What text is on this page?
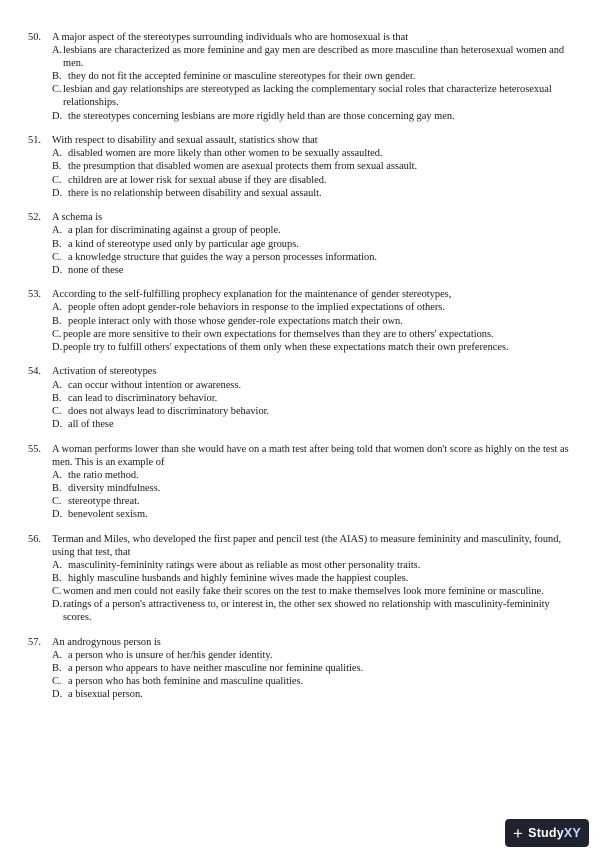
50.	A major aspect of the stereotypes surrounding individuals who are homosexual is that
A. lesbians are characterized as more feminine and gay men are described as more masculine than heterosexual women and men.
B. they do not fit the accepted feminine or masculine stereotypes for their own gender.
C. lesbian and gay relationships are stereotyped as lacking the complementary social roles that characterize heterosexual relationships.
D. the stereotypes concerning lesbians are more rigidly held than are those concerning gay men.
51.	With respect to disability and sexual assault, statistics show that
A. disabled women are more likely than other women to be sexually assaulted.
B. the presumption that disabled women are asexual protects them from sexual assault.
C. children are at lower risk for sexual abuse if they are disabled.
D. there is no relationship between disability and sexual assault.
52.	A schema is
A. a plan for discriminating against a group of people.
B. a kind of stereotype used only by particular age groups.
C. a knowledge structure that guides the way a person processes information.
D. none of these
53.	According to the self-fulfilling prophecy explanation for the maintenance of gender stereotypes,
A. people often adopt gender-role behaviors in response to the implied expectations of others.
B. people interact only with those whose gender-role expectations match their own.
C. people are more sensitive to their own expectations for themselves than they are to others' expectations.
D. people try to fulfill others' expectations of them only when these expectations match their own preferences.
54.	Activation of stereotypes
A. can occur without intention or awareness.
B. can lead to discriminatory behavior.
C. does not always lead to discriminatory behavior.
D. all of these
55.	A woman performs lower than she would have on a math test after being told that women don't score as highly on the test as men. This is an example of
A. the ratio method.
B. diversity mindfulness.
C. stereotype threat.
D. benevolent sexism.
56.	Terman and Miles, who developed the first paper and pencil test (the AIAS) to measure femininity and masculinity, found, using that test, that
A. masculinity-femininity ratings were about as reliable as most other personality traits.
B. highly masculine husbands and highly feminine wives made the happiest couples.
C. women and men could not easily fake their scores on the test to make themselves look more feminine or masculine.
D. ratings of a person's attractiveness to, or interest in, the other sex showed no relationship with masculinity-femininity scores.
57.	An androgynous person is
A. a person who is unsure of her/his gender identity.
B. a person who appears to have neither masculine nor feminine qualities.
C. a person who has both feminine and masculine qualities.
D. a bisexual person.
+ Study XY
